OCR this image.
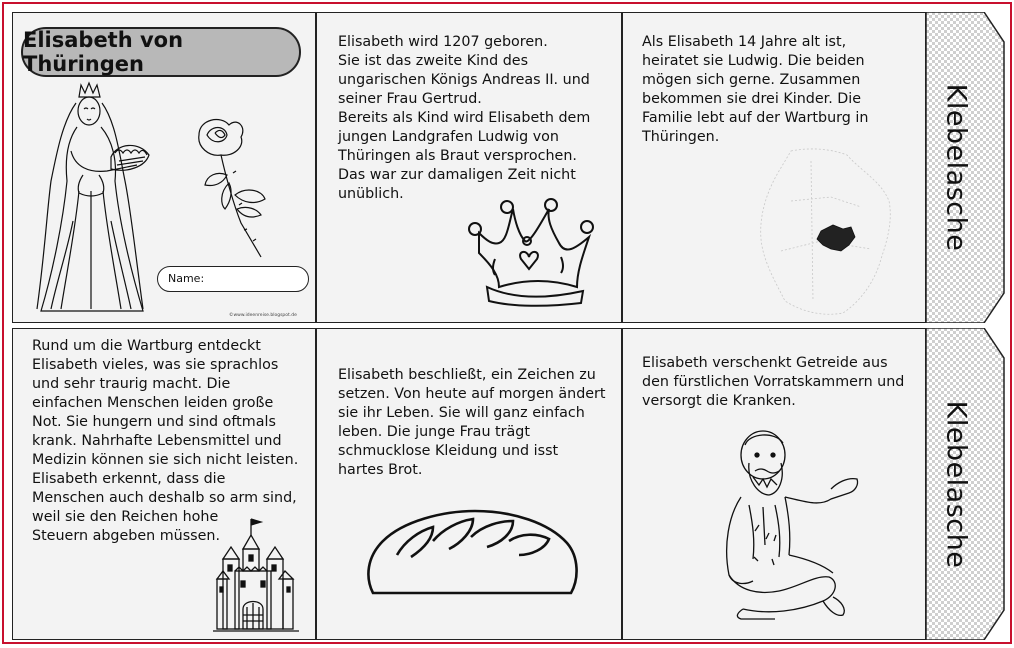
Elisabeth von Thüringen
Name:
©www.ideenreise.blogspot.de
Elisabeth wird 1207 geboren.
Sie ist das zweite Kind des
ungarischen Königs Andreas II. und
seiner Frau Gertrud.
Bereits als Kind wird Elisabeth dem
jungen Landgrafen Ludwig von
Thüringen als Braut versprochen.
Das war zur damaligen Zeit nicht
unüblich.
Als Elisabeth 14 Jahre alt ist,
heiratet sie Ludwig. Die beiden
mögen sich gerne. Zusammen
bekommen sie drei Kinder. Die
Familie lebt auf der Wartburg in
Thüringen.	Klebelasche
Rund um die Wartburg entdeckt
Elisabeth vieles, was sie sprachlos
und sehr traurig macht. Die
einfachen Menschen leiden große
Not. Sie hungern und sind oftmals
krank. Nahrhafte Lebensmittel und
Medizin können sie sich nicht leisten.
Elisabeth erkennt, dass die
Menschen auch deshalb so arm sind,
weil sie den Reichen hohe
Steuern abgeben müssen.
Elisabeth beschließt, ein Zeichen zu
setzen. Von heute auf morgen ändert
sie ihr Leben. Sie will ganz einfach
leben. Die junge Frau trägt
schmucklose Kleidung und isst
hartes Brot.
Elisabeth verschenkt Getreide aus
den fürstlichen Vorratskammern und
versorgt die Kranken.	Klebelasche
